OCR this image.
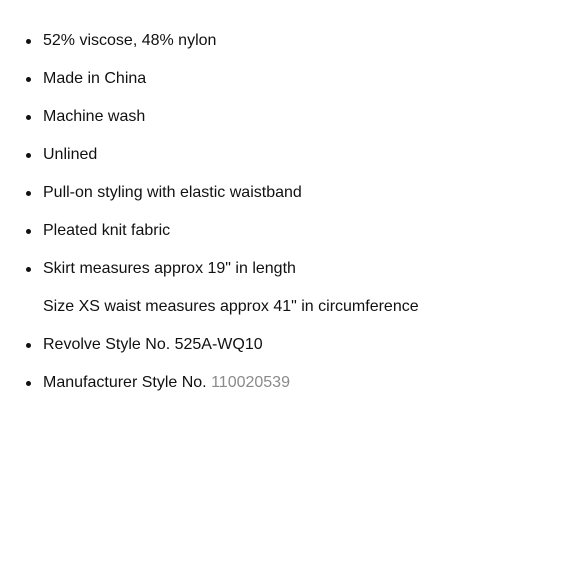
52% viscose, 48% nylon
Made in China
Machine wash
Unlined
Pull-on styling with elastic waistband
Pleated knit fabric
Skirt measures approx 19" in length
Size XS waist measures approx 41" in circumference
Revolve Style No. 525A-WQ10
Manufacturer Style No. 110020539
